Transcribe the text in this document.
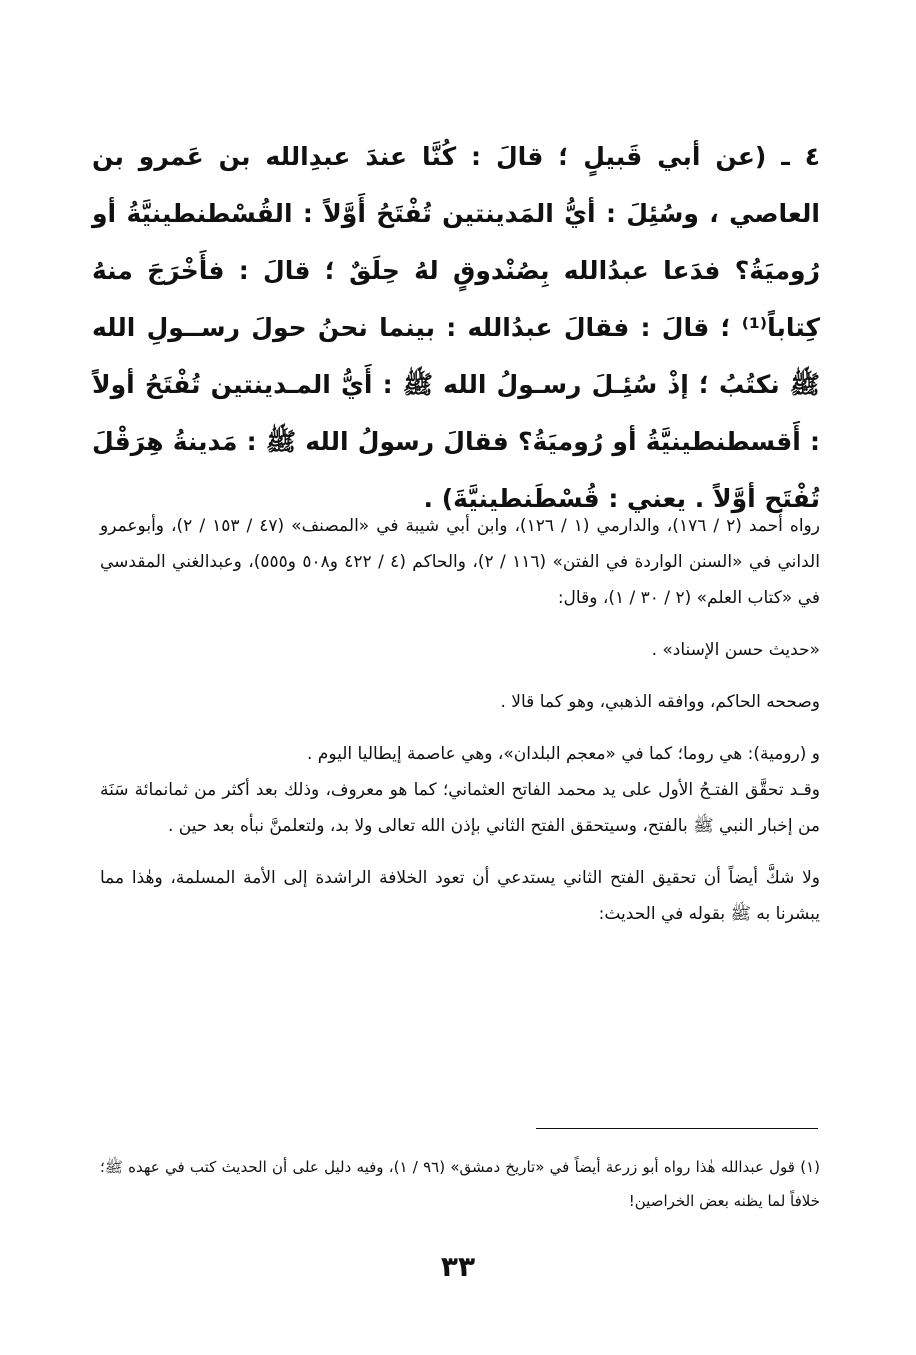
٤ ـ (عن أبي قَبيلٍ ؛ قالَ : كُنَّا عندَ عبدِالله بن عَمرو بن العاصي ، وسُئِلَ : أيُّ المَدينتين تُفْتَحُ أَوَّلاً : القُسْطنطينيَّةُ أو رُوميَةُ؟ فدَعا عبدُالله بِصُنْدوقٍ لهُ حِلَقٌ ؛ قالَ : فأَخْرَجَ منهُ كِتاباً⁽¹⁾ ؛ قالَ : فقالَ عبدُالله : بينما نحنُ حولَ رســولِ الله ﷺ نكتُبُ ؛ إذْ سُئِـلَ رسـولُ الله ﷺ : أَيُّ المـدينتين تُفْتَحُ أولاً : أَقسطنطينيَّةُ أو رُوميَةُ؟ فقالَ رسولُ الله ﷺ : مَدينةُ هِرَقْلَ تُفْتَح أوَّلاً . يعني : قُسْطَنطينيَّةَ) .

رواه أحمد (٢ / ١٧٦)، والدارمي (١ / ١٢٦)، وابن أبي شيبة في «المصنف» (٤٧ / ١٥٣ / ٢)، وأبوعمرو الداني في «السنن الواردة في الفتن» (١١٦ / ٢)، والحاكم (٤ / ٤٢٢ و٥٠٨ و٥٥٥)، وعبدالغني المقدسي في «كتاب العلم» (٢ / ٣٠ / ١)، وقال:

«حديث حسن الإسناد» .

وصححه الحاكم، ووافقه الذهبي، وهو كما قالا .

و (رومية): هي روما؛ كما في «معجم البلدان»، وهي عاصمة إيطاليا اليوم .

وقـد تحقَّق الفتـحُ الأول على يد محمد الفاتح العثماني؛ كما هو معروف، وذلك بعد أكثر من ثمانمائة سَنَة من إخبار النبي ﷺ بالفتح، وسيتحقق الفتح الثاني بإذن الله تعالى ولا بد، ولتعلمنَّ نبأه بعد حين .

ولا شكَّ أيضاً أن تحقيق الفتح الثاني يستدعي أن تعود الخلافة الراشدة إلى الأمة المسلمة، وهٰذا مما يبشرنا به ﷺ بقوله في الحديث:

(١) قول عبدالله هٰذا رواه أبو زرعة أيضاً في «تاريخ دمشق» (٩٦ / ١)، وفيه دليل على أن الحديث كتب في عهده ﷺ؛ خلافاً لما يظنه بعض الخراصين!
٣٣
